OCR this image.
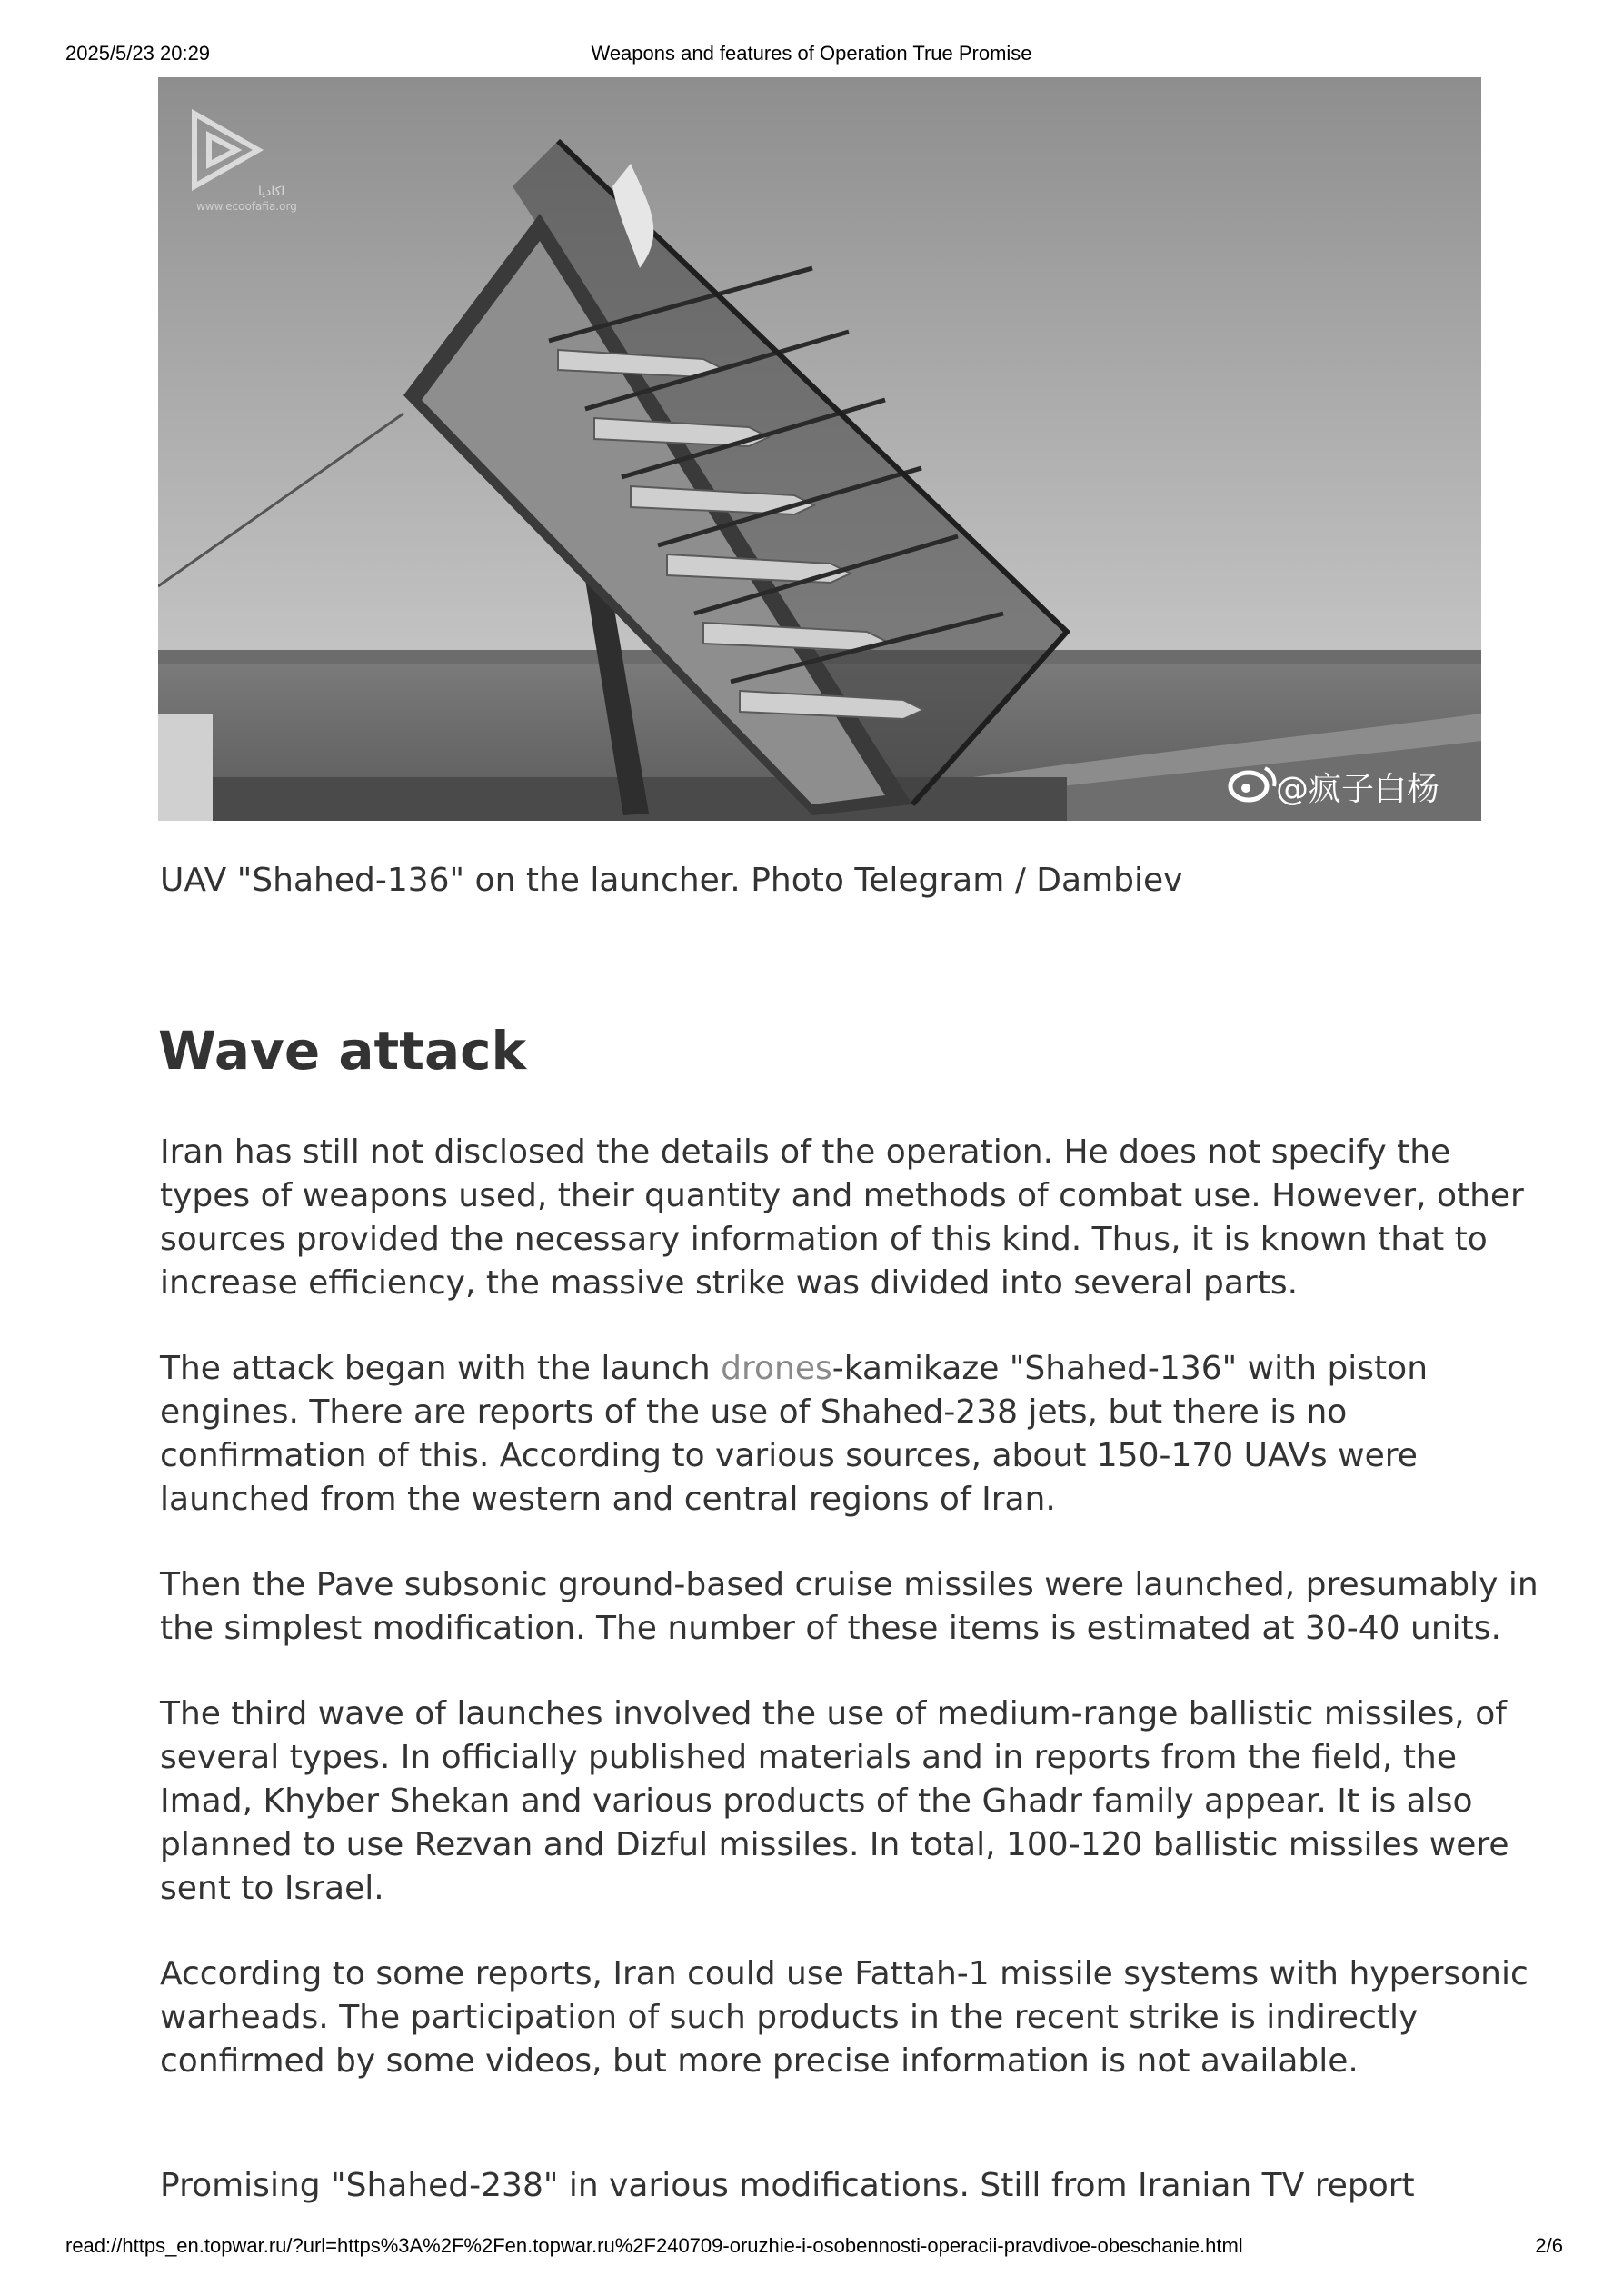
2025/5/23 20:29	Weapons and features of Operation True Promise
اکادیا
www.ecoofafia.org
@疯子白杨
UAV "Shahed-136" on the launcher. Photo Telegram / Dambiev
Wave attack

Iran has still not disclosed the details of the operation. He does not specify the
types of weapons used, their quantity and methods of combat use. However, other
sources provided the necessary information of this kind. Thus, it is known that to
increase efficiency, the massive strike was divided into several parts.

The attack began with the launch drones-kamikaze "Shahed-136" with piston
engines. There are reports of the use of Shahed-238 jets, but there is no
confirmation of this. According to various sources, about 150-170 UAVs were
launched from the western and central regions of Iran.

Then the Pave subsonic ground-based cruise missiles were launched, presumably in
the simplest modification. The number of these items is estimated at 30-40 units.

The third wave of launches involved the use of medium-range ballistic missiles, of
several types. In officially published materials and in reports from the field, the
Imad, Khyber Shekan and various products of the Ghadr family appear. It is also
planned to use Rezvan and Dizful missiles. In total, 100-120 ballistic missiles were
sent to Israel.

According to some reports, Iran could use Fattah-1 missile systems with hypersonic
warheads. The participation of such products in the recent strike is indirectly
confirmed by some videos, but more precise information is not available.

Promising "Shahed-238" in various modifications. Still from Iranian TV report
read://https_en.topwar.ru/?url=https%3A%2F%2Fen.topwar.ru%2F240709-oruzhie-i-osobennosti-operacii-pravdivoe-obeschanie.html	2/6
